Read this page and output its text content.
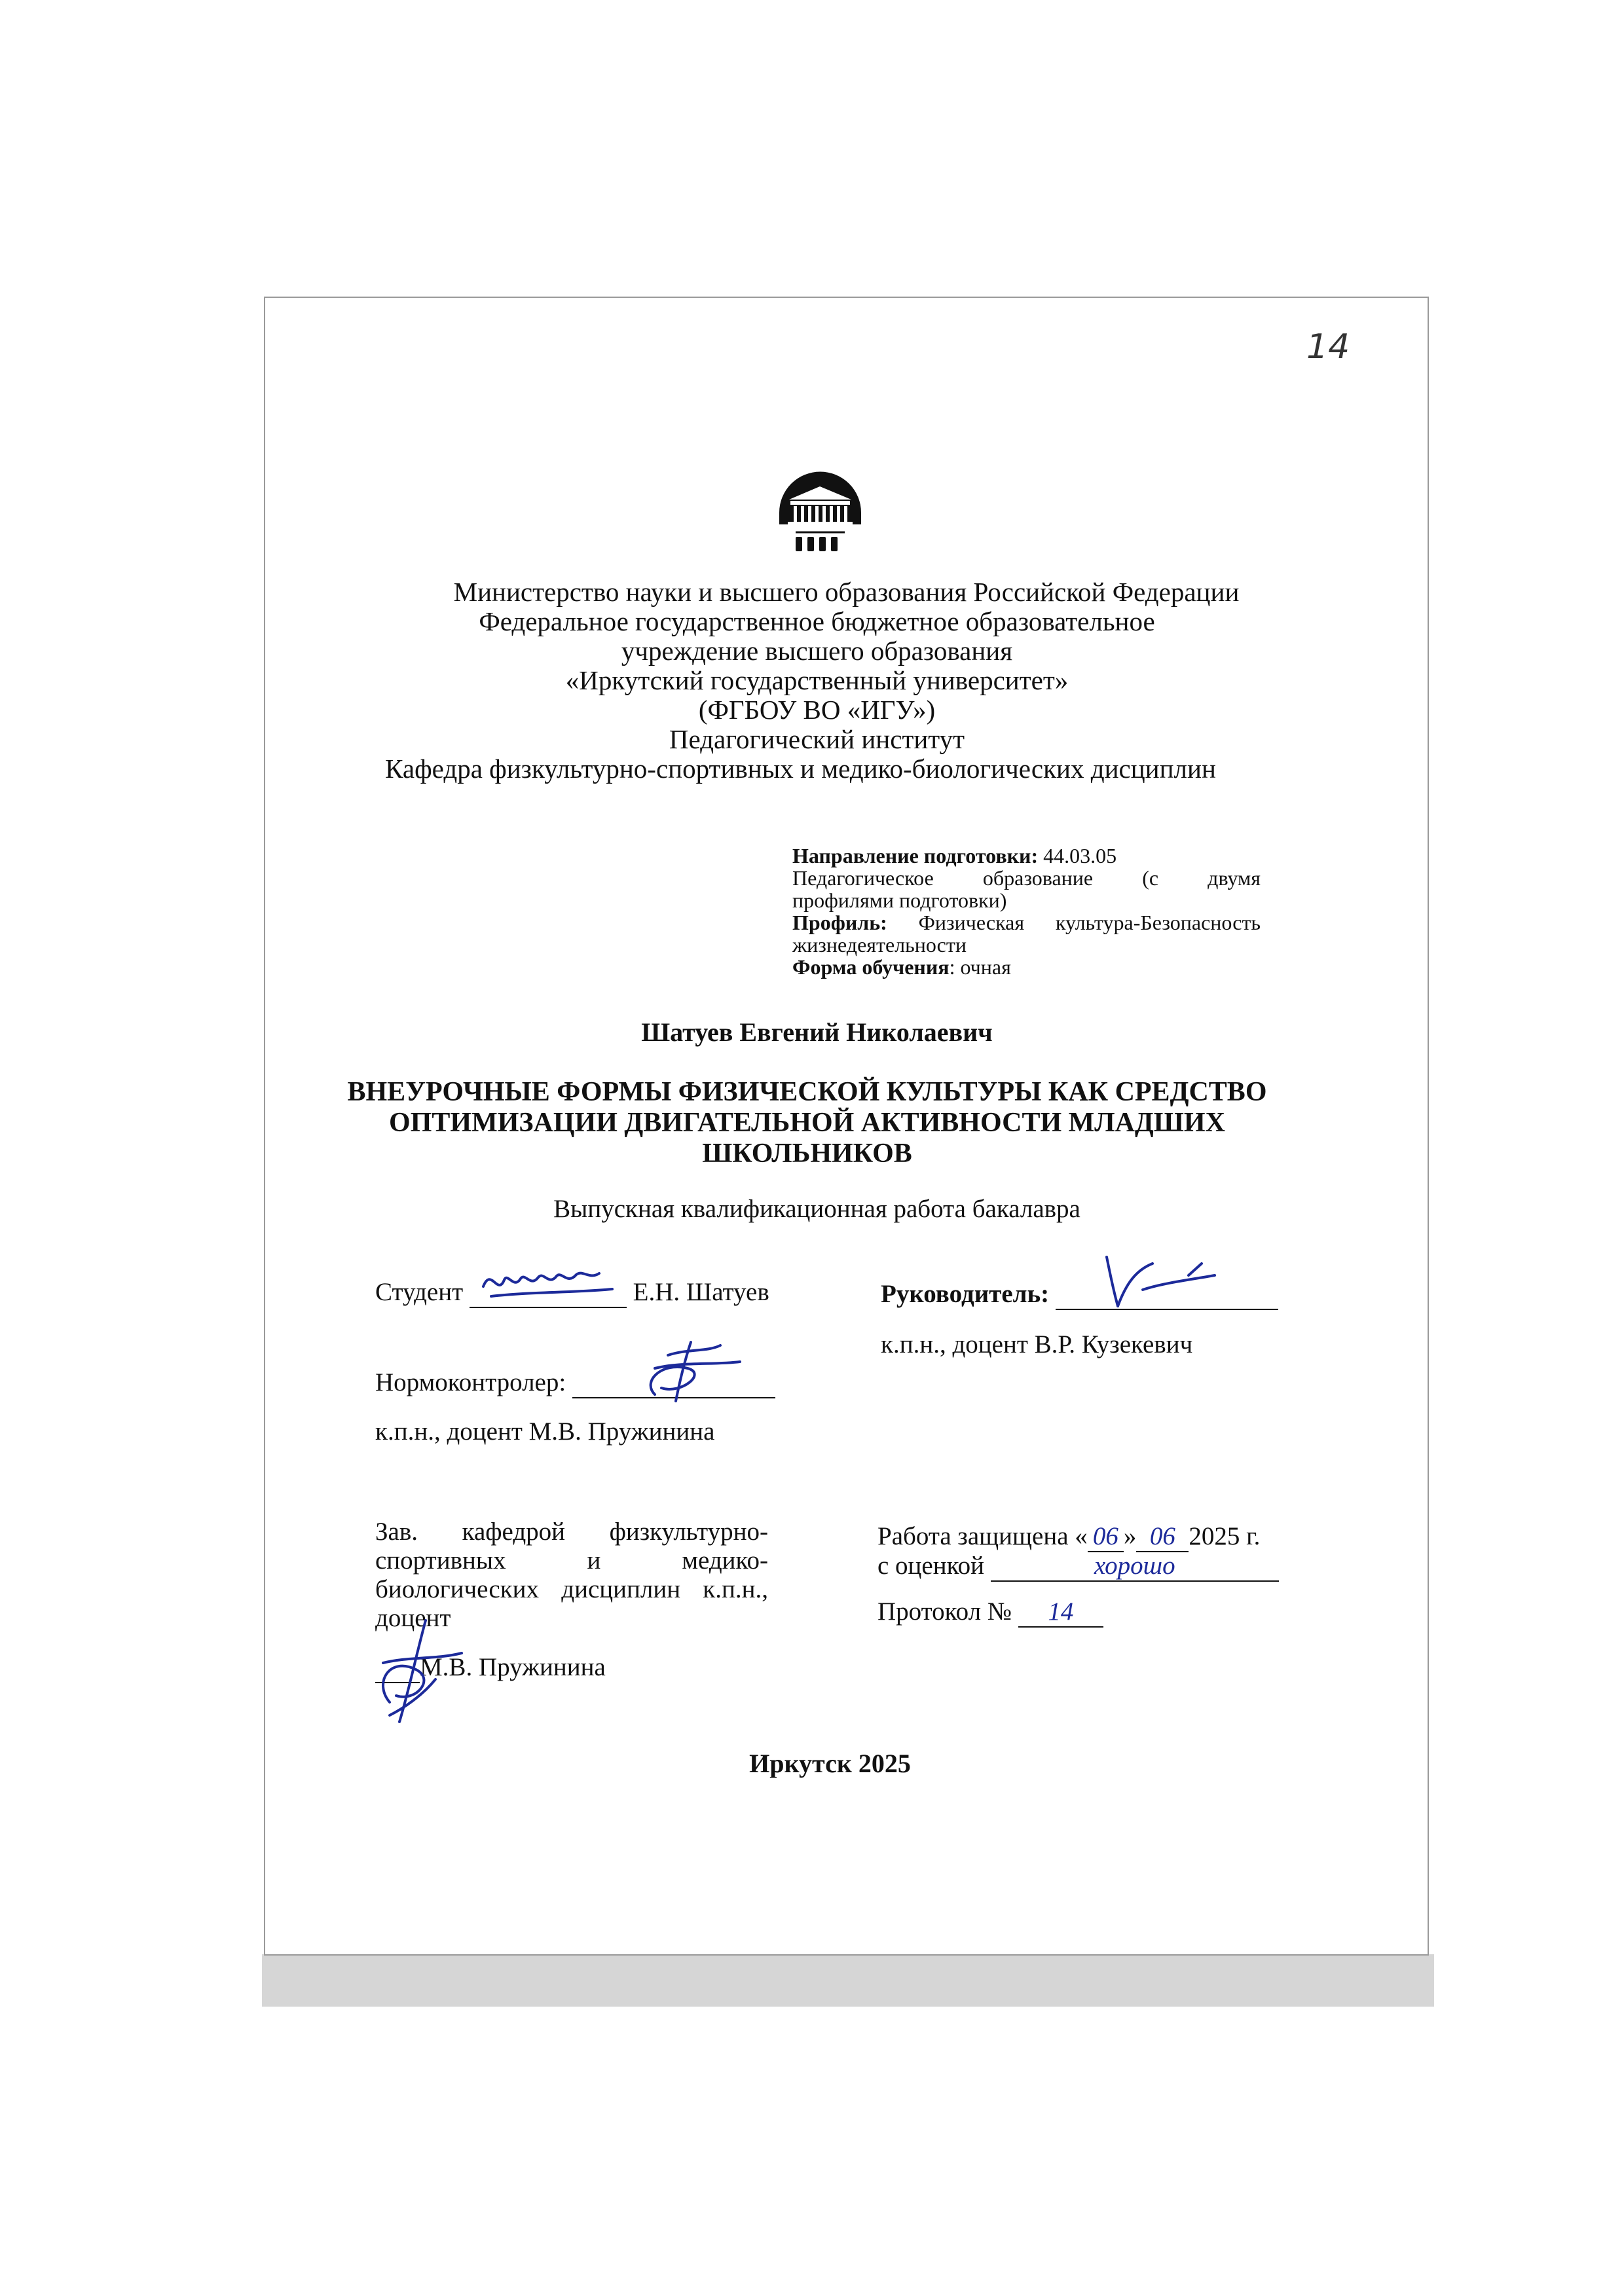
14
Министерство науки и высшего образования Российской Федерации
Федеральное государственное бюджетное образовательное
учреждение высшего образования
«Иркутский государственный университет»
(ФГБОУ ВО «ИГУ»)
Педагогический институт
Кафедра физкультурно-спортивных и медико-биологических дисциплин
Направление подготовки: 44.03.05
Педагогическое образование (с двумя
профилями подготовки)
Профиль: Физическая культура-Безопасность
жизнедеятельности
Форма обучения: очная
Шатуев Евгений Николаевич
ВНЕУРОЧНЫЕ ФОРМЫ ФИЗИЧЕСКОЙ КУЛЬТУРЫ КАК СРЕДСТВО
ОПТИМИЗАЦИИ ДВИГАТЕЛЬНОЙ АКТИВНОСТИ МЛАДШИХ
ШКОЛЬНИКОВ
Выпускная квалификационная работа бакалавра
Студент	Е.Н. Шатуев	Руководитель:
к.п.н., доцент В.Р. Кузекевич
Нормоконтролер:
к.п.н., доцент М.В. Пружинина
Зав. кафедрой физкультурно-
спортивных и медико-
биологических дисциплин к.п.н.,
доцент
М.В. Пружинина
Работа защищена « 06 » 06 2025 г.
с оценкой	хорошо
Протокол № 14
Иркутск 2025
